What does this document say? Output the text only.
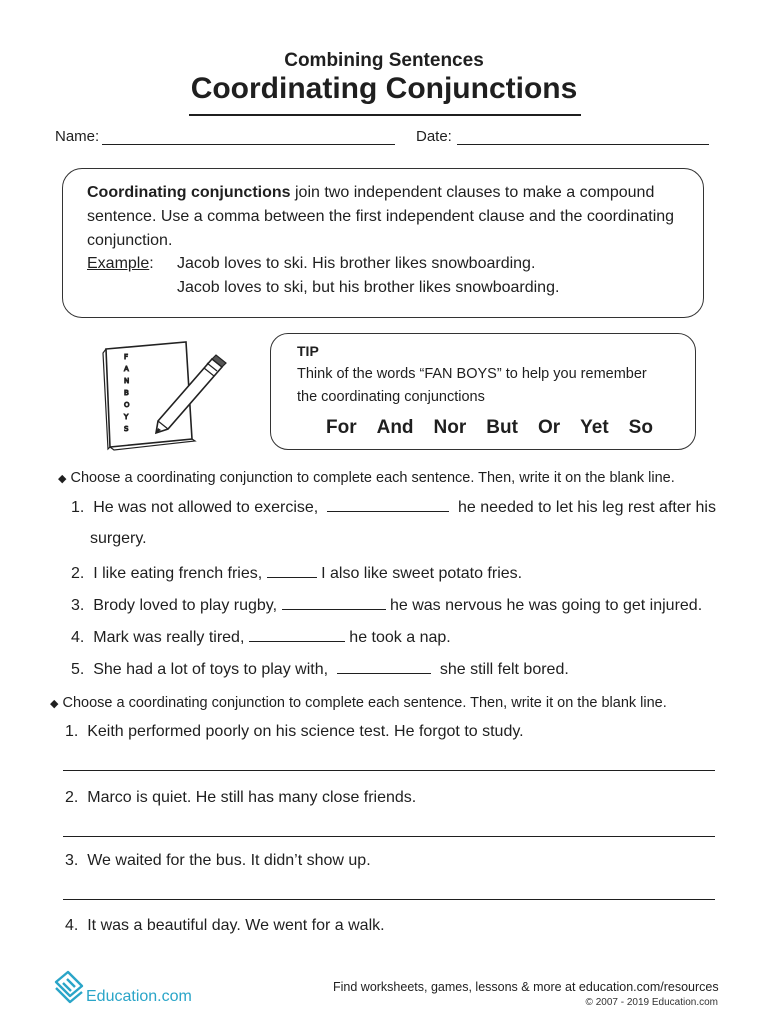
Combining Sentences
Coordinating Conjunctions
Name:	Date:
Coordinating conjunctions join two independent clauses to make a compound sentence. Use a comma between the first independent clause and the coordinating conjunction.
Example: Jacob loves to ski. His brother likes snowboarding.
Jacob loves to ski, but his brother likes snowboarding.
F
A
N
B
O
Y
S
TIP
Think of the words “FAN BOYS” to help you remember
the coordinating conjunctions
For And Nor But Or Yet So
◆ Choose a coordinating conjunction to complete each sentence. Then, write it on the blank line.
1. He was not allowed to exercise,	he needed to let his leg rest after his
surgery.
2. I like eating french fries,	I also like sweet potato fries.
3. Brody loved to play rugby,	he was nervous he was going to get injured.
4. Mark was really tired,	he took a nap.
5. She had a lot of toys to play with,	she still felt bored.
◆ Choose a coordinating conjunction to complete each sentence. Then, write it on the blank line.
1. Keith performed poorly on his science test. He forgot to study.
2. Marco is quiet. He still has many close friends.
3. We waited for the bus. It didn’t show up.
4. It was a beautiful day. We went for a walk.
Education.com
Find worksheets, games, lessons & more at education.com/resources
© 2007 - 2019 Education.com
